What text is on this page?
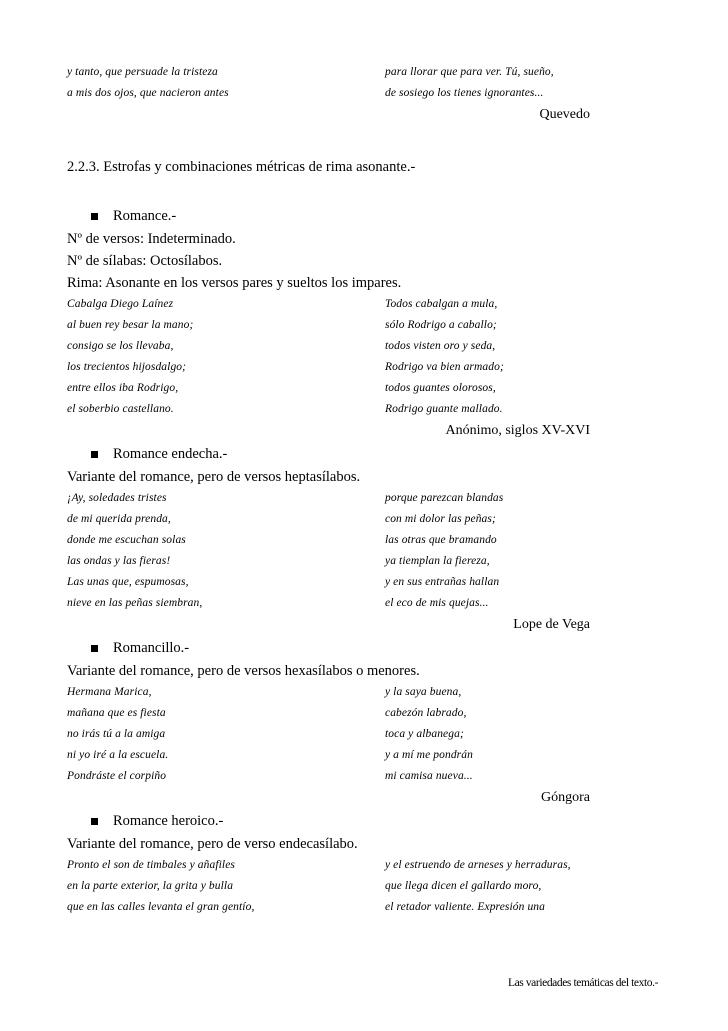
y tanto, que persuade la tristeza	para llorar que para ver. Tú, sueño,
a mis dos ojos, que nacieron antes	de sosiego los tienes ignorantes...
Quevedo
2.2.3. Estrofas y combinaciones métricas de rima asonante.-
Romance.-
Nº de versos: Indeterminado.
Nº de sílabas: Octosílabos.
Rima: Asonante en los versos pares y sueltos los impares.
Cabalga Diego Laínez	Todos cabalgan a mula,
al buen rey besar la mano;	sólo Rodrigo a caballo;
consigo se los llevaba,	todos visten oro y seda,
los trecientos hijosdalgo;	Rodrigo va bien armado;
entre ellos iba Rodrigo,	todos guantes olorosos,
el soberbio castellano.	Rodrigo guante mallado.
Anónimo, siglos XV-XVI
Romance endecha.-
Variante del romance, pero de versos heptasílabos.
¡Ay, soledades tristes	porque parezcan blandas
de mi querida prenda,	con mi dolor las peñas;
donde me escuchan solas	las otras que bramando
las ondas y las fieras!	ya tiemplan la fiereza,
Las unas que, espumosas,	y en sus entrañas hallan
nieve en las peñas siembran,	el eco de mis quejas...
Lope de Vega
Romancillo.-
Variante del romance, pero de versos hexasílabos o menores.
Hermana Marica,	y la saya buena,
mañana que es fiesta	cabezón labrado,
no irás tú a la amiga	toca y albanega;
ni yo iré a la escuela.	y a mí me pondrán
Pondráste el corpiño	mi camisa nueva...
Góngora
Romance heroico.-
Variante del romance, pero de verso endecasílabo.
Pronto el son de timbales y añafiles	y el estruendo de arneses y herraduras,
en la parte exterior, la grita y bulla	que llega dicen el gallardo moro,
que en las calles levanta el gran gentío,	el retador valiente. Expresión una
Las variedades temáticas del texto.-
